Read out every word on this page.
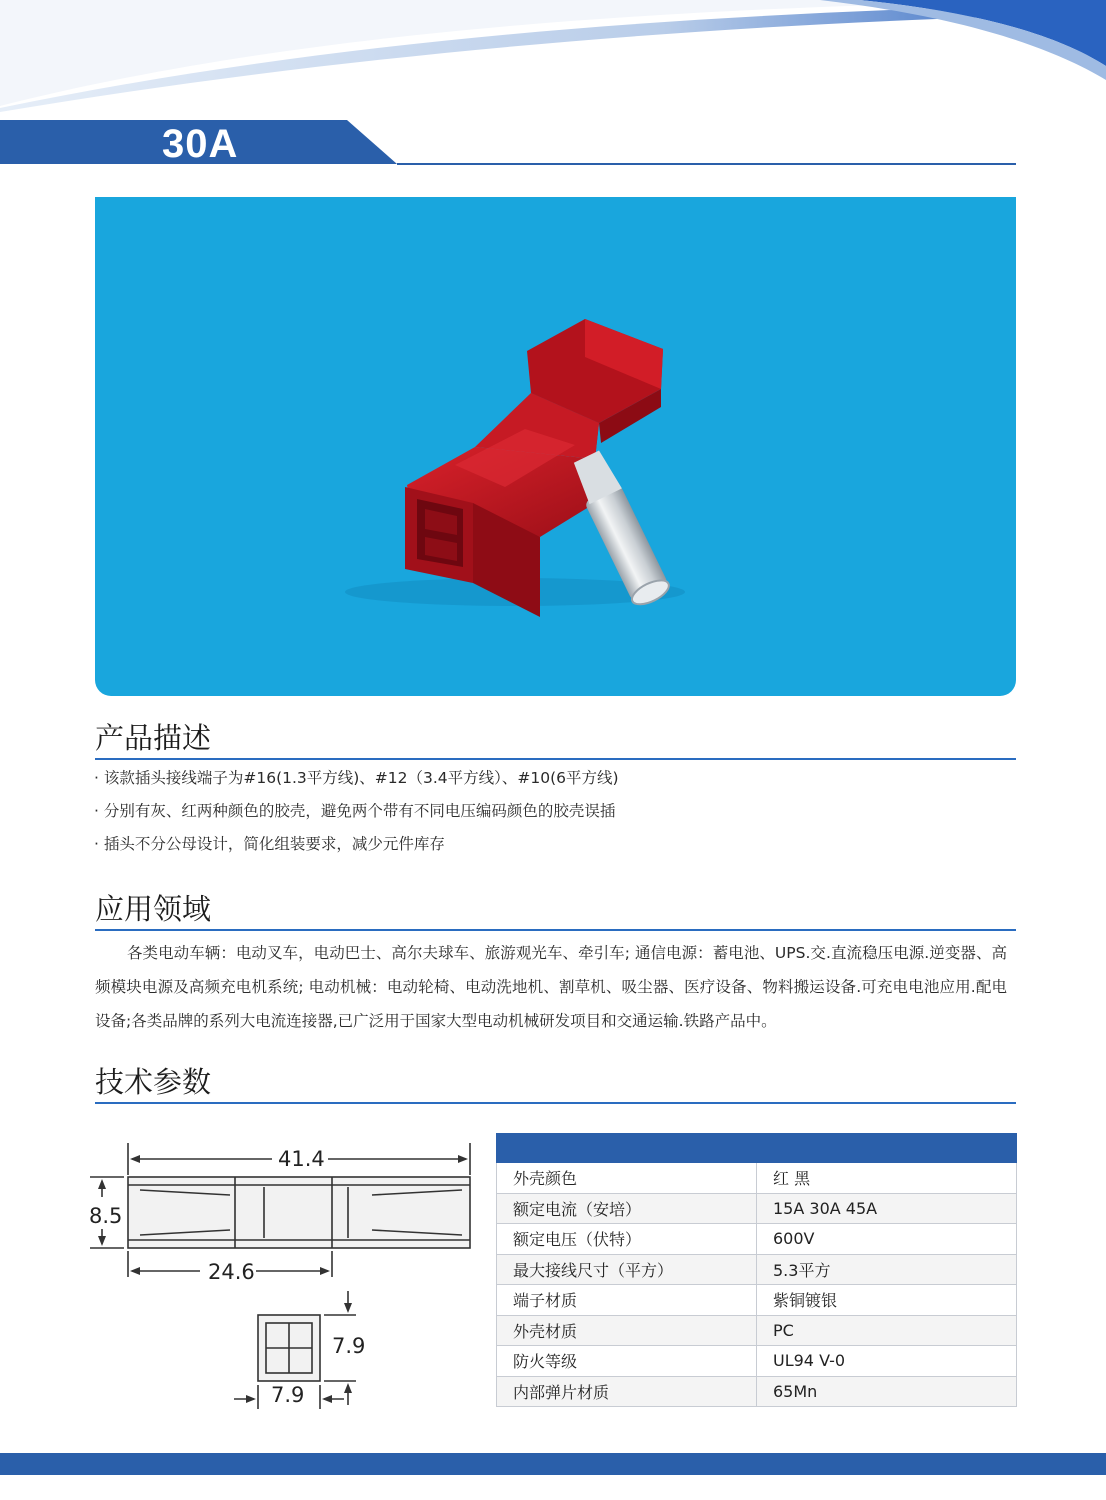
30A
产品描述
· 该款插头接线端子为#16(1.3平方线)、#12（3.4平方线）、#10(6平方线)
· 分别有灰、红两种颜色的胶壳，避免两个带有不同电压编码颜色的胶壳误插
· 插头不分公母设计，简化组装要求，减少元件库存
应用领域
各类电动车辆：电动叉车，电动巴士、高尔夫球车、旅游观光车、牵引车; 通信电源：蓄电池、UPS.交.直流稳压电源.逆变器、高频模块电源及高频充电机系统; 电动机械：电动轮椅、电动洗地机、割草机、吸尘器、医疗设备、物料搬运设备.可充电电池应用.配电设备;各类品牌的系列大电流连接器,已广泛用于国家大型电动机械研发项目和交通运输.铁路产品中。
技术参数
41.4
8.5
24.6
7.9
7.9

外壳颜色	红 黑
额定电流（安培）	15A 30A 45A
额定电压（伏特）	600V
最大接线尺寸（平方）	5.3平方
端子材质	紫铜镀银
外壳材质	PC
防火等级	UL94 V-0
内部弹片材质	65Mn
